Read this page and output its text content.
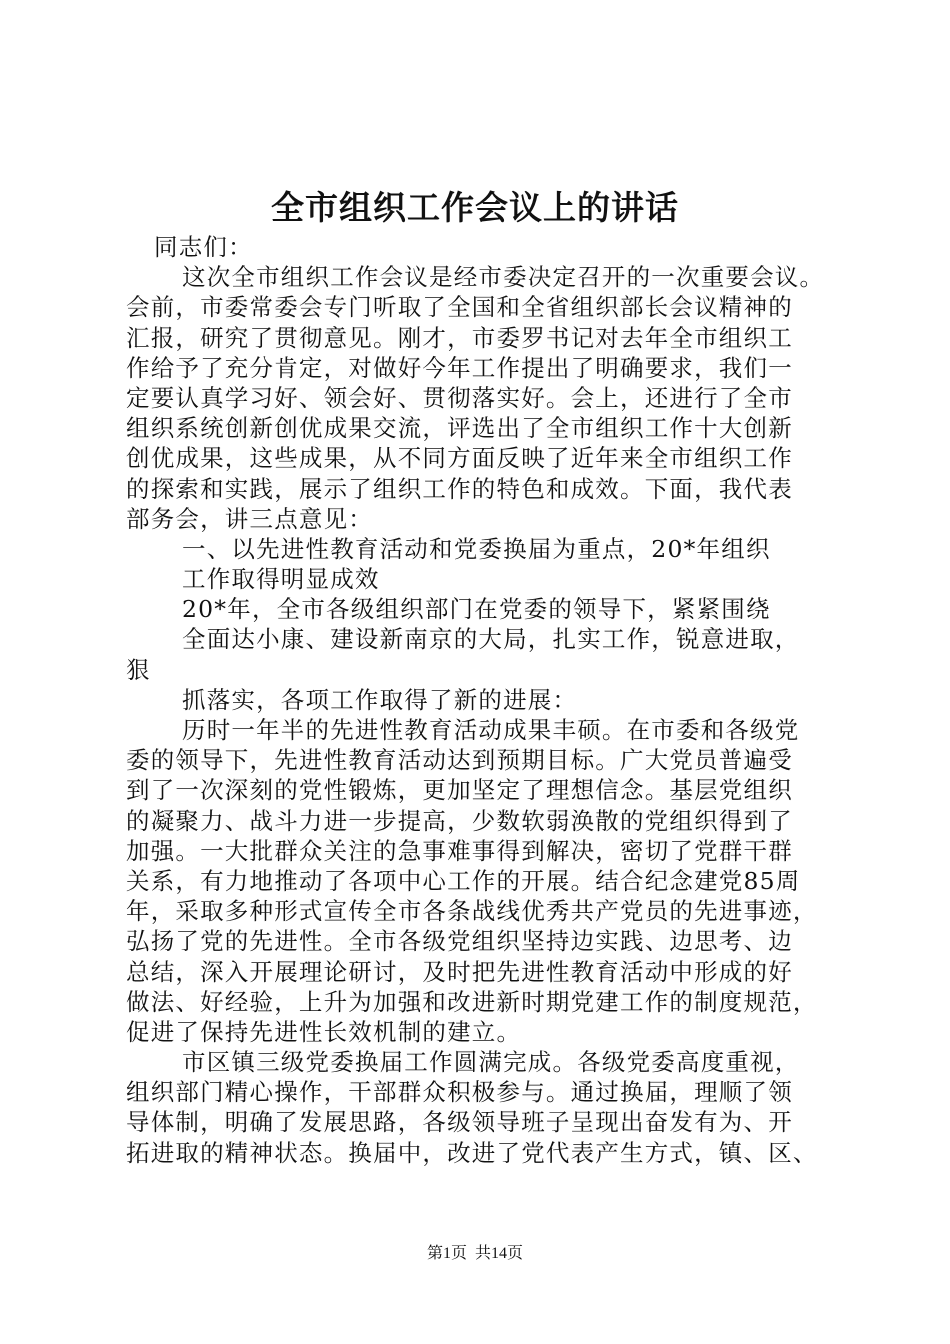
全市组织工作会议上的讲话
同志们：
这次全市组织工作会议是经市委决定召开的一次重要会议。
会前，市委常委会专门听取了全国和全省组织部长会议精神的
汇报，研究了贯彻意见。刚才，市委罗书记对去年全市组织工
作给予了充分肯定，对做好今年工作提出了明确要求，我们一
定要认真学习好、领会好、贯彻落实好。会上，还进行了全市
组织系统创新创优成果交流，评选出了全市组织工作十大创新
创优成果，这些成果，从不同方面反映了近年来全市组织工作
的探索和实践，展示了组织工作的特色和成效。下面，我代表
部务会，讲三点意见：
一、以先进性教育活动和党委换届为重点，20*年组织
工作取得明显成效
20*年，全市各级组织部门在党委的领导下，紧紧围绕
全面达小康、建设新南京的大局，扎实工作，锐意进取，
狠
抓落实，各项工作取得了新的进展：
历时一年半的先进性教育活动成果丰硕。在市委和各级党
委的领导下，先进性教育活动达到预期目标。广大党员普遍受
到了一次深刻的党性锻炼，更加坚定了理想信念。基层党组织
的凝聚力、战斗力进一步提高，少数软弱涣散的党组织得到了
加强。一大批群众关注的急事难事得到解决，密切了党群干群
关系，有力地推动了各项中心工作的开展。结合纪念建党85周
年，采取多种形式宣传全市各条战线优秀共产党员的先进事迹，
弘扬了党的先进性。全市各级党组织坚持边实践、边思考、边
总结，深入开展理论研讨，及时把先进性教育活动中形成的好
做法、好经验，上升为加强和改进新时期党建工作的制度规范，
促进了保持先进性长效机制的建立。
市区镇三级党委换届工作圆满完成。各级党委高度重视，
组织部门精心操作，干部群众积极参与。通过换届，理顺了领
导体制，明确了发展思路，各级领导班子呈现出奋发有为、开
拓进取的精神状态。换届中，改进了党代表产生方式，镇、区、
第1页 共14页
